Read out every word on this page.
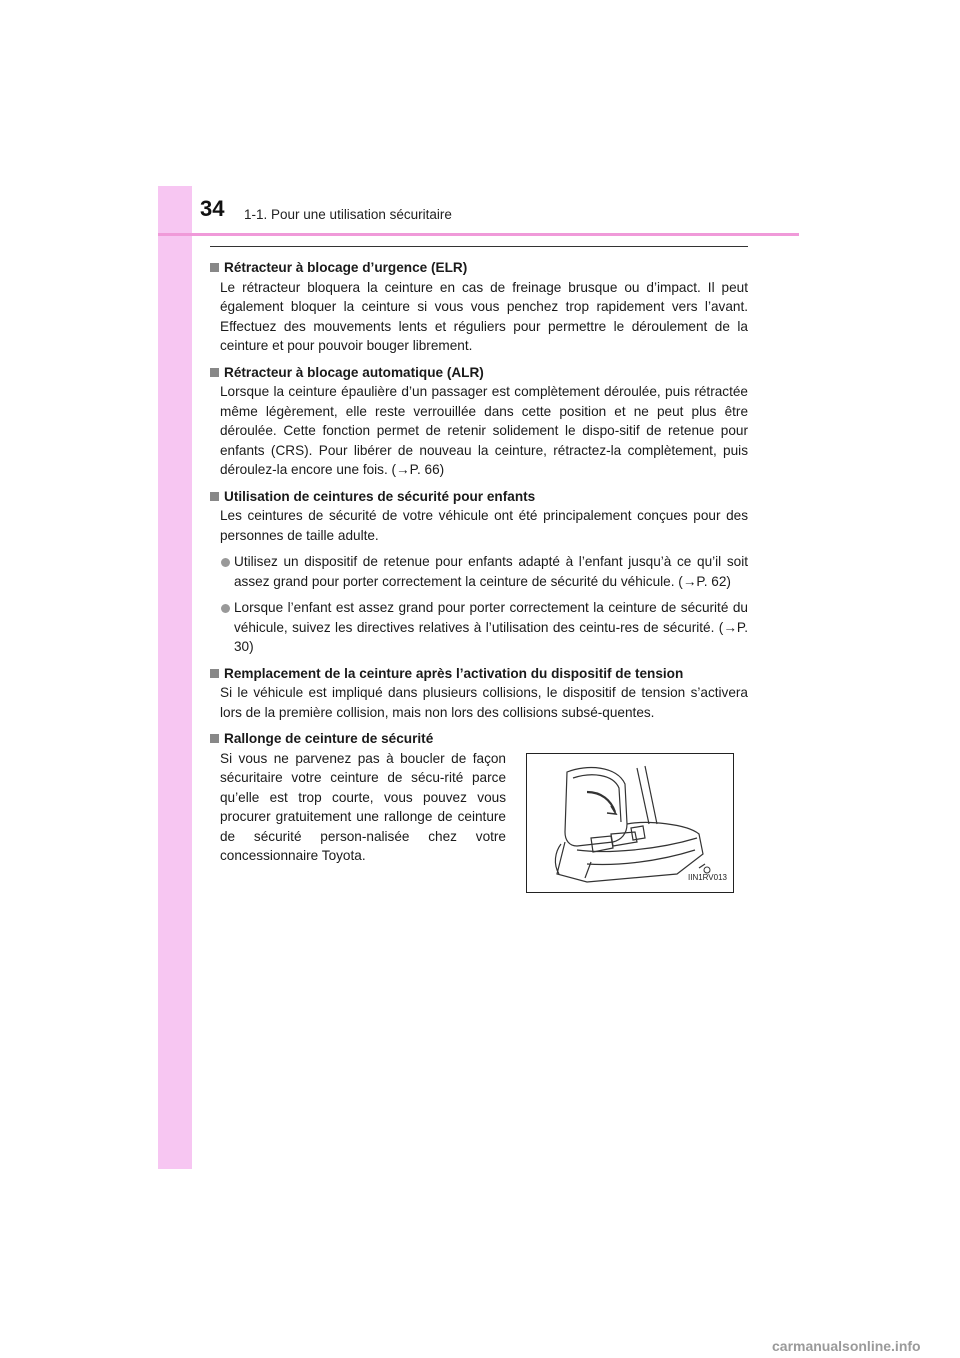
34 1-1. Pour une utilisation sécuritaire
Rétracteur à blocage d’urgence (ELR)
Le rétracteur bloquera la ceinture en cas de freinage brusque ou d’impact. Il peut également bloquer la ceinture si vous vous penchez trop rapidement vers l’avant. Effectuez des mouvements lents et réguliers pour permettre le déroulement de la ceinture et pour pouvoir bouger librement.
Rétracteur à blocage automatique (ALR)
Lorsque la ceinture épaulière d’un passager est complètement déroulée, puis rétractée même légèrement, elle reste verrouillée dans cette position et ne peut plus être déroulée. Cette fonction permet de retenir solidement le dispo-sitif de retenue pour enfants (CRS). Pour libérer de nouveau la ceinture, rétractez-la complètement, puis déroulez-la encore une fois. (→P. 66)
Utilisation de ceintures de sécurité pour enfants
Les ceintures de sécurité de votre véhicule ont été principalement conçues pour des personnes de taille adulte.
Utilisez un dispositif de retenue pour enfants adapté à l’enfant jusqu’à ce qu’il soit assez grand pour porter correctement la ceinture de sécurité du véhicule. (→P. 62)
Lorsque l’enfant est assez grand pour porter correctement la ceinture de sécurité du véhicule, suivez les directives relatives à l’utilisation des ceintu-res de sécurité. (→P. 30)
Remplacement de la ceinture après l’activation du dispositif de tension
Si le véhicule est impliqué dans plusieurs collisions, le dispositif de tension s’activera lors de la première collision, mais non lors des collisions subsé-quentes.
Rallonge de ceinture de sécurité
Si vous ne parvenez pas à boucler de façon sécuritaire votre ceinture de sécu-rité parce qu’elle est trop courte, vous pouvez vous procurer gratuitement une rallonge de ceinture de sécurité person-nalisée chez votre concessionnaire Toyota.
IIN1RV013
carmanualsonline.info
